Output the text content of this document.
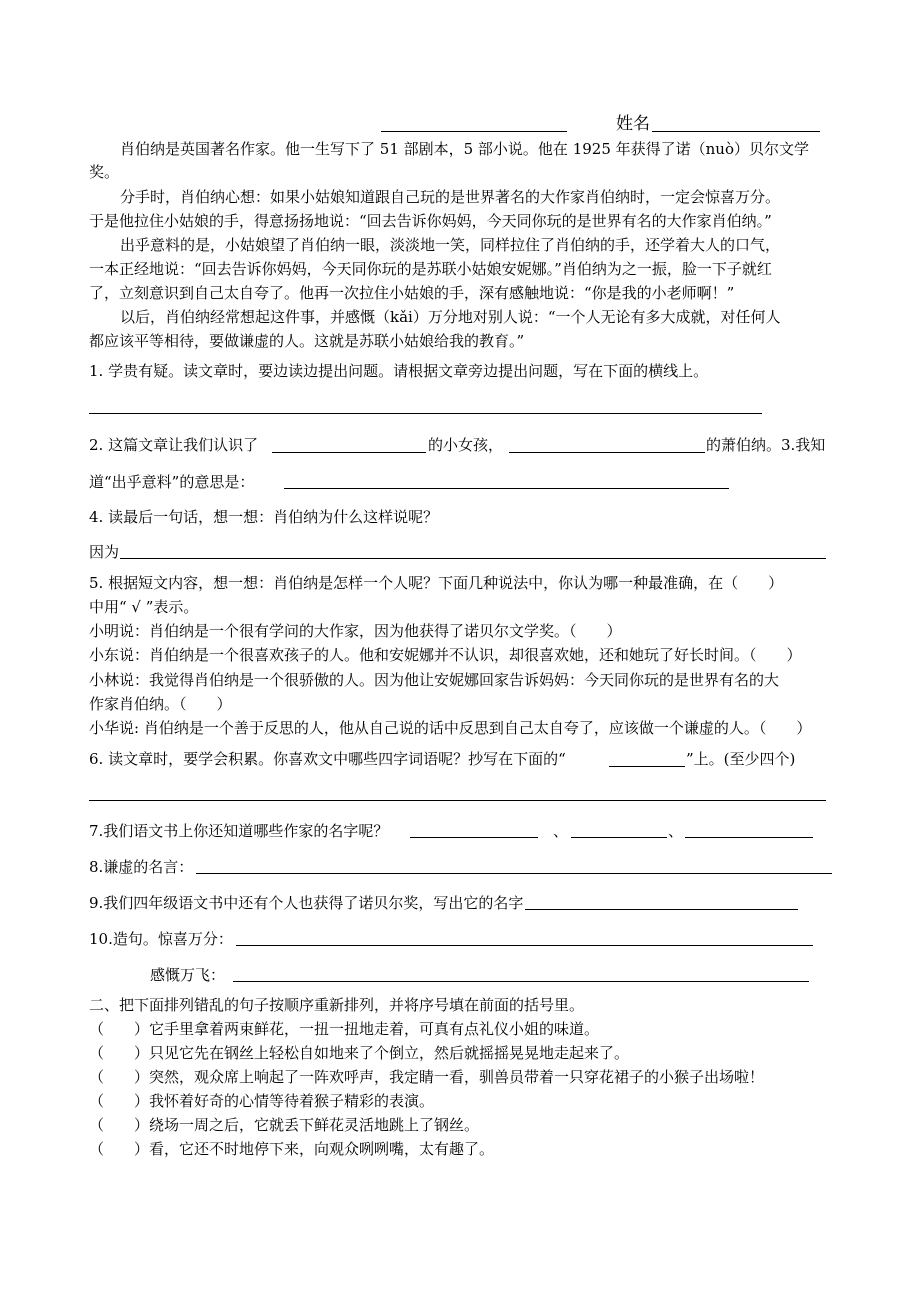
姓名
肖伯纳是英国著名作家。他一生写下了 51 部剧本，5 部小说。他在 1925 年获得了诺（nuò）贝尔文学
奖。
分手时，肖伯纳心想：如果小姑娘知道跟自己玩的是世界著名的大作家肖伯纳时，一定会惊喜万分。
于是他拉住小姑娘的手，得意扬扬地说：“回去告诉你妈妈，今天同你玩的是世界有名的大作家肖伯纳。”
出乎意料的是，小姑娘望了肖伯纳一眼，淡淡地一笑，同样拉住了肖伯纳的手，还学着大人的口气，
一本正经地说：“回去告诉你妈妈，今天同你玩的是苏联小姑娘安妮娜。”肖伯纳为之一振，脸一下子就红
了，立刻意识到自己太自夸了。他再一次拉住小姑娘的手，深有感触地说：“你是我的小老师啊！”
以后，肖伯纳经常想起这件事，并感慨（kǎi）万分地对别人说：“一个人无论有多大成就，对任何人
都应该平等相待，要做谦虚的人。这就是苏联小姑娘给我的教育。”
1. 学贵有疑。读文章时，要边读边提出问题。请根据文章旁边提出问题，写在下面的横线上。
2. 这篇文章让我们认识了	的小女孩，	的萧伯纳。3.我知
道“出乎意料”的意思是：
4. 读最后一句话，想一想：肖伯纳为什么这样说呢？
因为
5. 根据短文内容，想一想：肖伯纳是怎样一个人呢？下面几种说法中，你认为哪一种最准确，在（　　）
中用“ √ ”表示。
小明说：肖伯纳是一个很有学问的大作家，因为他获得了诺贝尔文学奖。（　　）
小东说：肖伯纳是一个很喜欢孩子的人。他和安妮娜并不认识，却很喜欢她，还和她玩了好长时间。（　　）
小林说：我觉得肖伯纳是一个很骄傲的人。因为他让安妮娜回家告诉妈妈：今天同你玩的是世界有名的大
作家肖伯纳。（　　）
小华说: 肖伯纳是一个善于反思的人，他从自己说的话中反思到自己太自夸了，应该做一个谦虚的人。（　　）
6. 读文章时，要学会积累。你喜欢文中哪些四字词语呢？抄写在下面的“	”上。(至少四个)
7.我们语文书上你还知道哪些作家的名字呢？	、	、
8.谦虚的名言：
9.我们四年级语文书中还有个人也获得了诺贝尔奖，写出它的名字
10.造句。惊喜万分：
感慨万飞：
二、把下面排列错乱的句子按顺序重新排列，并将序号填在前面的括号里。
（　　）它手里拿着两束鲜花，一扭一扭地走着，可真有点礼仪小姐的味道。
（　　）只见它先在钢丝上轻松自如地来了个倒立，然后就摇摇晃晃地走起来了。
（　　）突然，观众席上响起了一阵欢呼声，我定睛一看，驯兽员带着一只穿花裙子的小猴子出场啦！
（　　）我怀着好奇的心情等待着猴子精彩的表演。
（　　）绕场一周之后，它就丢下鲜花灵活地跳上了钢丝。
（　　）看，它还不时地停下来，向观众咧咧嘴，太有趣了。
